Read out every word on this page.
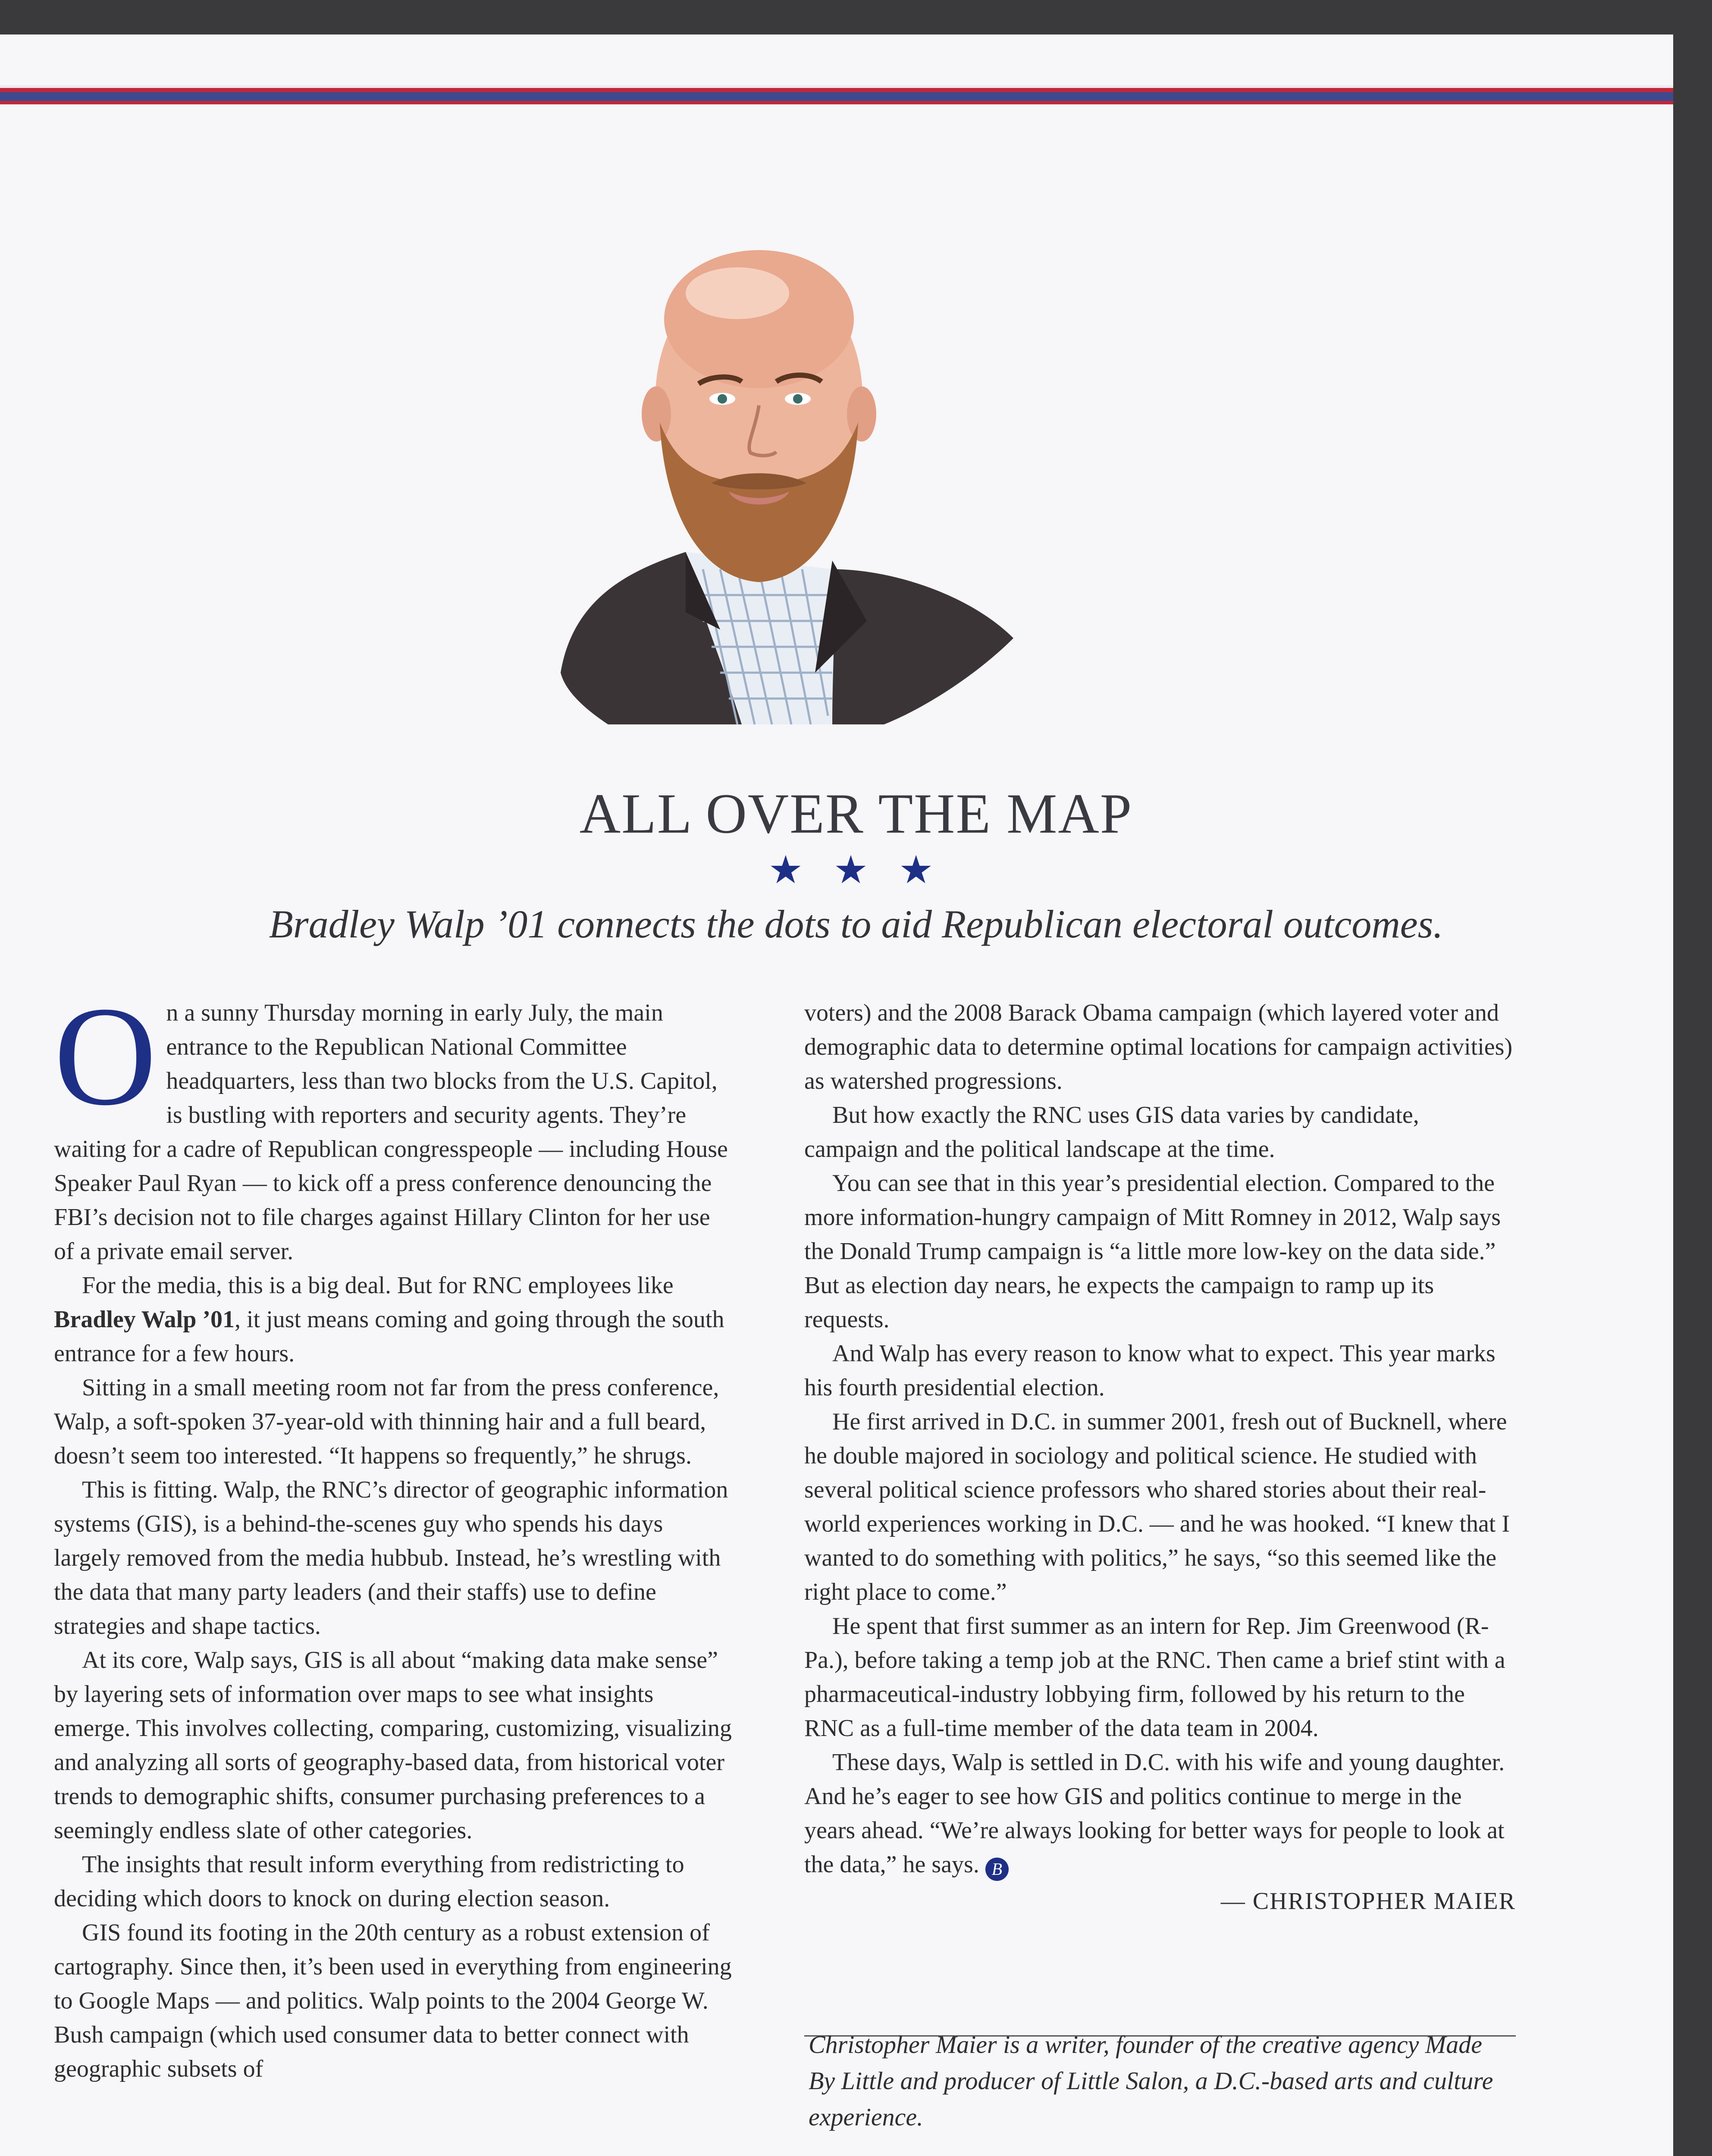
ALL OVER THE MAP
★ ★ ★
Bradley Walp ’01 connects the dots to aid Republican electoral outcomes.
O n a sunny Thursday morning in early July, the main entrance to the Republican National Committee headquarters, less than two blocks from the U.S. Capitol, is bustling with reporters and security agents. They’re waiting for a cadre of Republican congresspeople — including House Speaker Paul Ryan — to kick off a press conference denouncing the FBI’s decision not to file charges against Hillary Clinton for her use of a private email server.

For the media, this is a big deal. But for RNC employees like Bradley Walp ’01, it just means coming and going through the south entrance for a few hours.

Sitting in a small meeting room not far from the press conference, Walp, a soft-spoken 37-year-old with thinning hair and a full beard, doesn’t seem too interested. “It happens so frequently,” he shrugs.

This is fitting. Walp, the RNC’s director of geographic information systems (GIS), is a behind-the-scenes guy who spends his days largely removed from the media hubbub. Instead, he’s wrestling with the data that many party leaders (and their staffs) use to define strategies and shape tactics.

At its core, Walp says, GIS is all about “making data make sense” by layering sets of information over maps to see what insights emerge. This involves collecting, comparing, customizing, visualizing and analyzing all sorts of geography-based data, from historical voter trends to demographic shifts, consumer purchasing preferences to a seemingly endless slate of other categories.

The insights that result inform everything from redistricting to deciding which doors to knock on during election season.

GIS found its footing in the 20th century as a robust extension of cartography. Since then, it’s been used in everything from engineering to Google Maps — and politics. Walp points to the 2004 George W. Bush campaign (which used consumer data to better connect with geographic subsets of

voters) and the 2008 Barack Obama campaign (which layered voter and demographic data to determine optimal locations for campaign activities) as watershed progressions.

But how exactly the RNC uses GIS data varies by candidate, campaign and the political landscape at the time.

You can see that in this year’s presidential election. Compared to the more information-hungry campaign of Mitt Romney in 2012, Walp says the Donald Trump campaign is “a little more low-key on the data side.” But as election day nears, he expects the campaign to ramp up its requests.

And Walp has every reason to know what to expect. This year marks his fourth presidential election.

He first arrived in D.C. in summer 2001, fresh out of Bucknell, where he double majored in sociology and political science. He studied with several political science professors who shared stories about their real-world experiences working in D.C. — and he was hooked. “I knew that I wanted to do something with politics,” he says, “so this seemed like the right place to come.”

He spent that first summer as an intern for Rep. Jim Greenwood (R-Pa.), before taking a temp job at the RNC. Then came a brief stint with a pharmaceutical-industry lobbying firm, followed by his return to the RNC as a full-time member of the data team in 2004.

These days, Walp is settled in D.C. with his wife and young daughter. And he’s eager to see how GIS and politics continue to merge in the years ahead. “We’re always looking for better ways for people to look at the data,” he says. B

— CHRISTOPHER MAIER

Christopher Maier is a writer, founder of the creative agency Made By Little and producer of Little Salon, a D.C.-based arts and culture experience.
